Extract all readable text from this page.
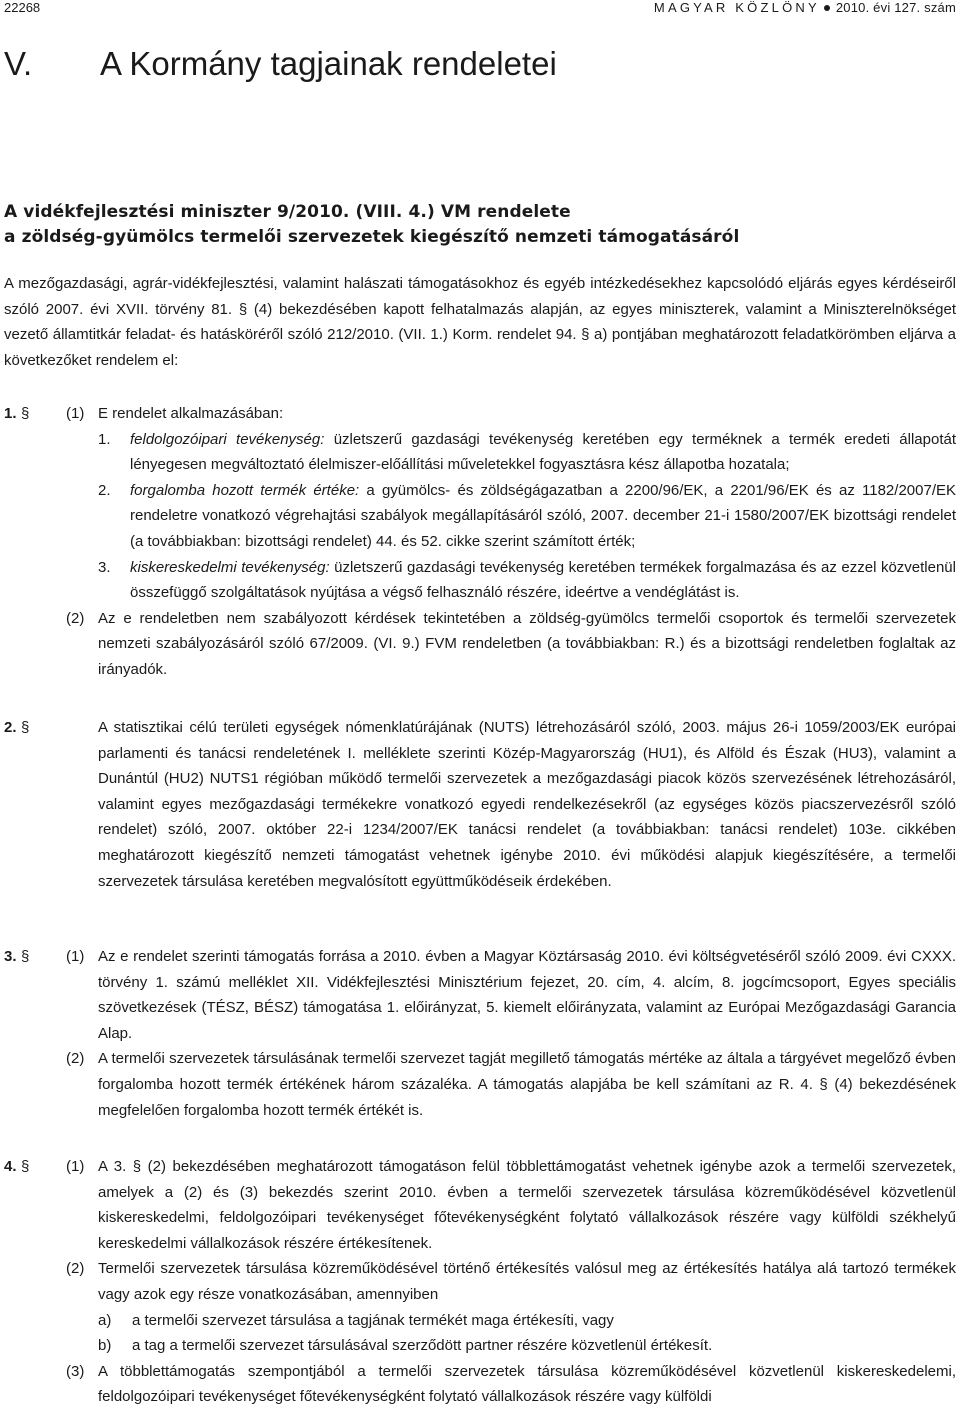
22268	MAGYAR KÖZLÖNY 2010. évi 127. szám
V.	A Kormány tagjainak rendeletei
A vidékfejlesztési miniszter 9/2010. (VIII. 4.) VM rendelete
a zöldség-gyümölcs termelői szervezetek kiegészítő nemzeti támogatásáról

A mezőgazdasági, agrár-vidékfejlesztési, valamint halászati támogatásokhoz és egyéb intézkedésekhez kapcsolódó eljárás egyes kérdéseiről szóló 2007. évi XVII. törvény 81. § (4) bekezdésében kapott felhatalmazás alapján, az egyes miniszterek, valamint a Miniszterelnökséget vezető államtitkár feladat- és hatásköréről szóló 212/2010. (VII. 1.) Korm. rendelet 94. § a) pontjában meghatározott feladatkörömben eljárva a következőket rendelem el:

1. § (1) E rendelet alkalmazásában:
1. feldolgozóipari tevékenység: üzletszerű gazdasági tevékenység keretében egy terméknek a termék eredeti állapotát lényegesen megváltoztató élelmiszer-előállítási műveletekkel fogyasztásra kész állapotba hozatala;
2. forgalomba hozott termék értéke: a gyümölcs- és zöldségágazatban a 2200/96/EK, a 2201/96/EK és az 1182/2007/EK rendeletre vonatkozó végrehajtási szabályok megállapításáról szóló, 2007. december 21-i 1580/2007/EK bizottsági rendelet (a továbbiakban: bizottsági rendelet) 44. és 52. cikke szerint számított érték;
3. kiskereskedelmi tevékenység: üzletszerű gazdasági tevékenység keretében termékek forgalmazása és az ezzel közvetlenül összefüggő szolgáltatások nyújtása a végső felhasználó részére, ideértve a vendéglátást is.
(2) Az e rendeletben nem szabályozott kérdések tekintetében a zöldség-gyümölcs termelői csoportok és termelői szervezetek nemzeti szabályozásáról szóló 67/2009. (VI. 9.) FVM rendeletben (a továbbiakban: R.) és a bizottsági rendeletben foglaltak az irányadók.
2. §	A statisztikai célú területi egységek nómenklatúrájának (NUTS) létrehozásáról szóló, 2003. május 26-i 1059/2003/EK európai parlamenti és tanácsi rendeletének I. melléklete szerinti Közép-Magyarország (HU1), és Alföld és Észak (HU3), valamint a Dunántúl (HU2) NUTS1 régióban működő termelői szervezetek a mezőgazdasági piacok közös szervezésének létrehozásáról, valamint egyes mezőgazdasági termékekre vonatkozó egyedi rendelkezésekről (az egységes közös piacszervezésről szóló rendelet) szóló, 2007. október 22-i 1234/2007/EK tanácsi rendelet (a továbbiakban: tanácsi rendelet) 103e. cikkében meghatározott kiegészítő nemzeti támogatást vehetnek igénybe 2010. évi működési alapjuk kiegészítésére, a termelői szervezetek társulása keretében megvalósított együttműködéseik érdekében.
3. § (1) Az e rendelet szerinti támogatás forrása a 2010. évben a Magyar Köztársaság 2010. évi költségvetéséről szóló 2009. évi CXXX. törvény 1. számú melléklet XII. Vidékfejlesztési Minisztérium fejezet, 20. cím, 4. alcím, 8. jogcímcsoport, Egyes speciális szövetkezések (TÉSZ, BÉSZ) támogatása 1. előirányzat, 5. kiemelt előirányzata, valamint az Európai Mezőgazdasági Garancia Alap.
(2) A termelői szervezetek társulásának termelői szervezet tagját megillető támogatás mértéke az általa a tárgyévet megelőző évben forgalomba hozott termék értékének három százaléka. A támogatás alapjába be kell számítani az R. 4. § (4) bekezdésének megfelelően forgalomba hozott termék értékét is.
4. § (1) A 3. § (2) bekezdésében meghatározott támogatáson felül többlettámogatást vehetnek igénybe azok a termelői szervezetek, amelyek a (2) és (3) bekezdés szerint 2010. évben a termelői szervezetek társulása közreműködésével közvetlenül kiskereskedelmi, feldolgozóipari tevékenységet főtevékenységként folytató vállalkozások részére vagy külföldi székhelyű kereskedelmi vállalkozások részére értékesítenek.
(2) Termelői szervezetek társulása közreműködésével történő értékesítés valósul meg az értékesítés hatálya alá tartozó termékek vagy azok egy része vonatkozásában, amennyiben
a) a termelői szervezet társulása a tagjának termékét maga értékesíti, vagy
b) a tag a termelői szervezet társulásával szerződött partner részére közvetlenül értékesít.
(3) A többlettámogatás szempontjából a termelői szervezetek társulása közreműködésével közvetlenül kiskereskedelemi, feldolgozóipari tevékenységet főtevékenységként folytató vállalkozások részére vagy külföldi
